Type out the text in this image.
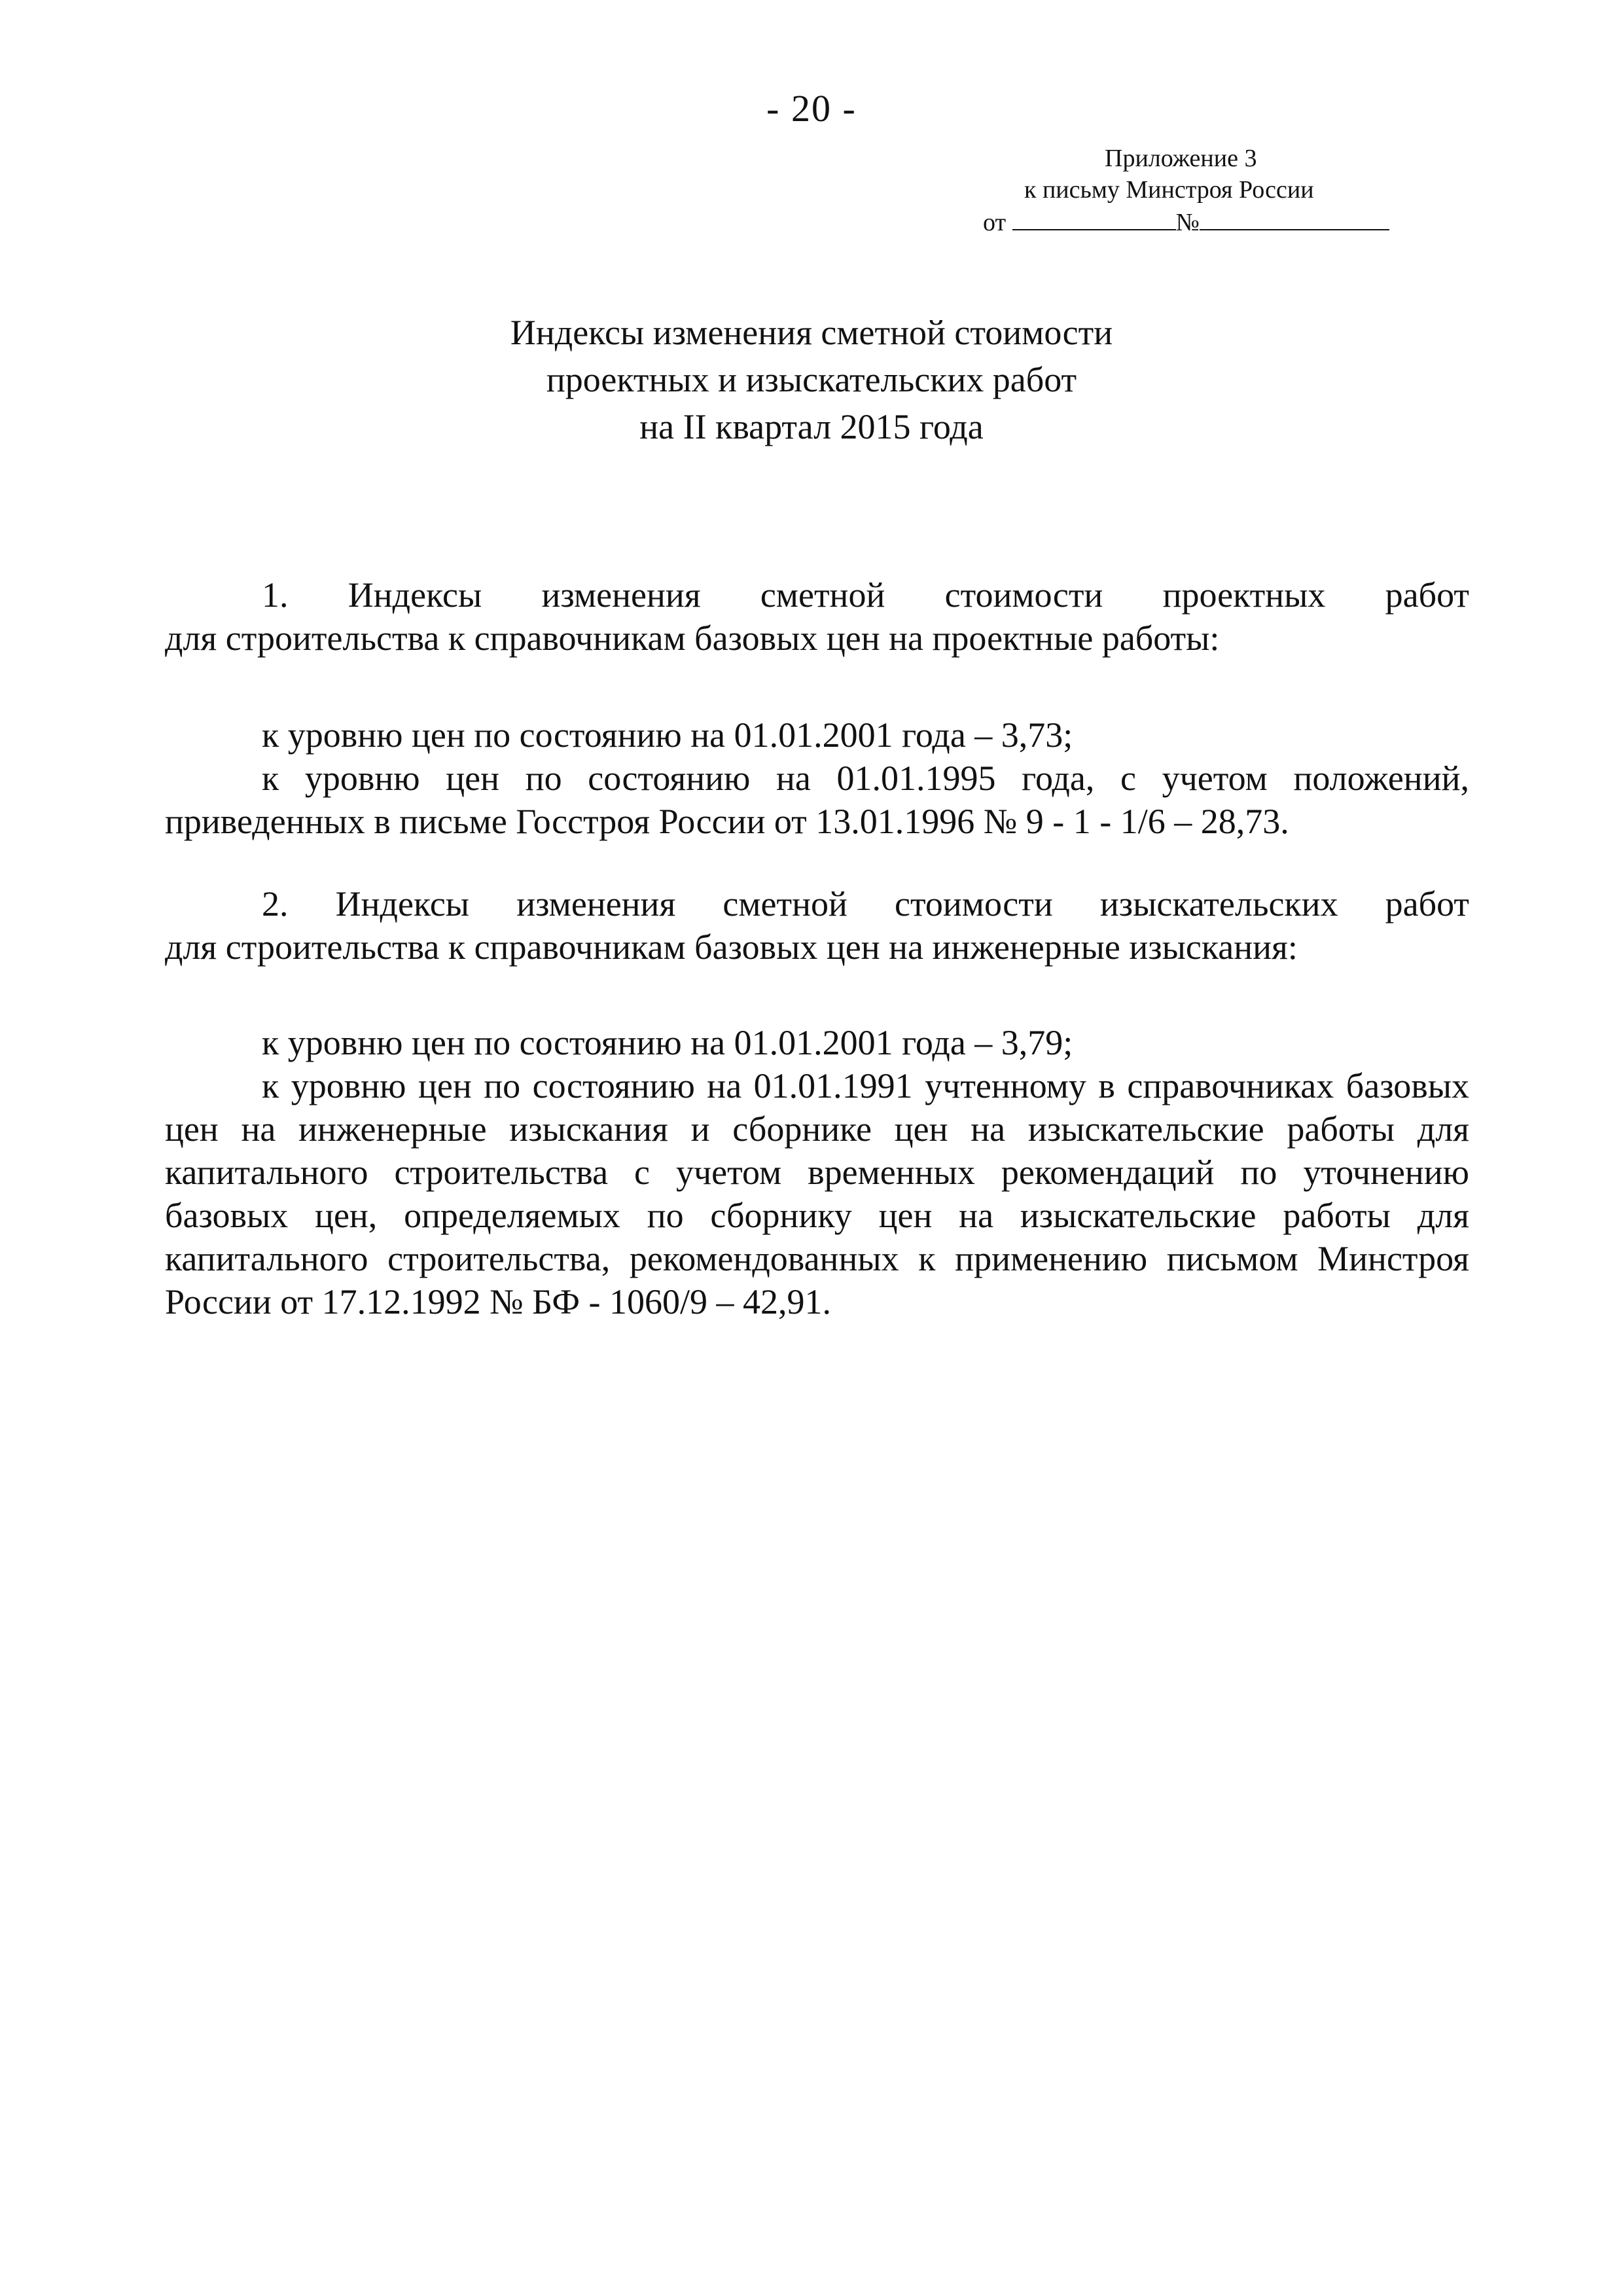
- 20 -
Приложение 3
к письму Минстроя России
от	№
Индексы изменения сметной стоимости
проектных и изыскательских работ
на II квартал 2015 года

1. Индексы изменения сметной стоимости проектных работ

для строительства к справочникам базовых цен на проектные работы:

к уровню цен по состоянию на 01.01.2001 года – 3,73;

к уровню цен по состоянию на 01.01.1995 года, с учетом положений, приведенных в письме Госстроя России от 13.01.1996 № 9 - 1 - 1/6 – 28,73.

2. Индексы изменения сметной стоимости изыскательских работ

для строительства к справочникам базовых цен на инженерные изыскания:

к уровню цен по состоянию на 01.01.2001 года – 3,79;

к уровню цен по состоянию на 01.01.1991 учтенному в справочниках базовых цен на инженерные изыскания и сборнике цен на изыскательские работы для капитального строительства с учетом временных рекомендаций по уточнению базовых цен, определяемых по сборнику цен на изыскательские работы для капитального строительства, рекомендованных к применению письмом Минстроя России от 17.12.1992 № БФ - 1060/9 – 42,91.
